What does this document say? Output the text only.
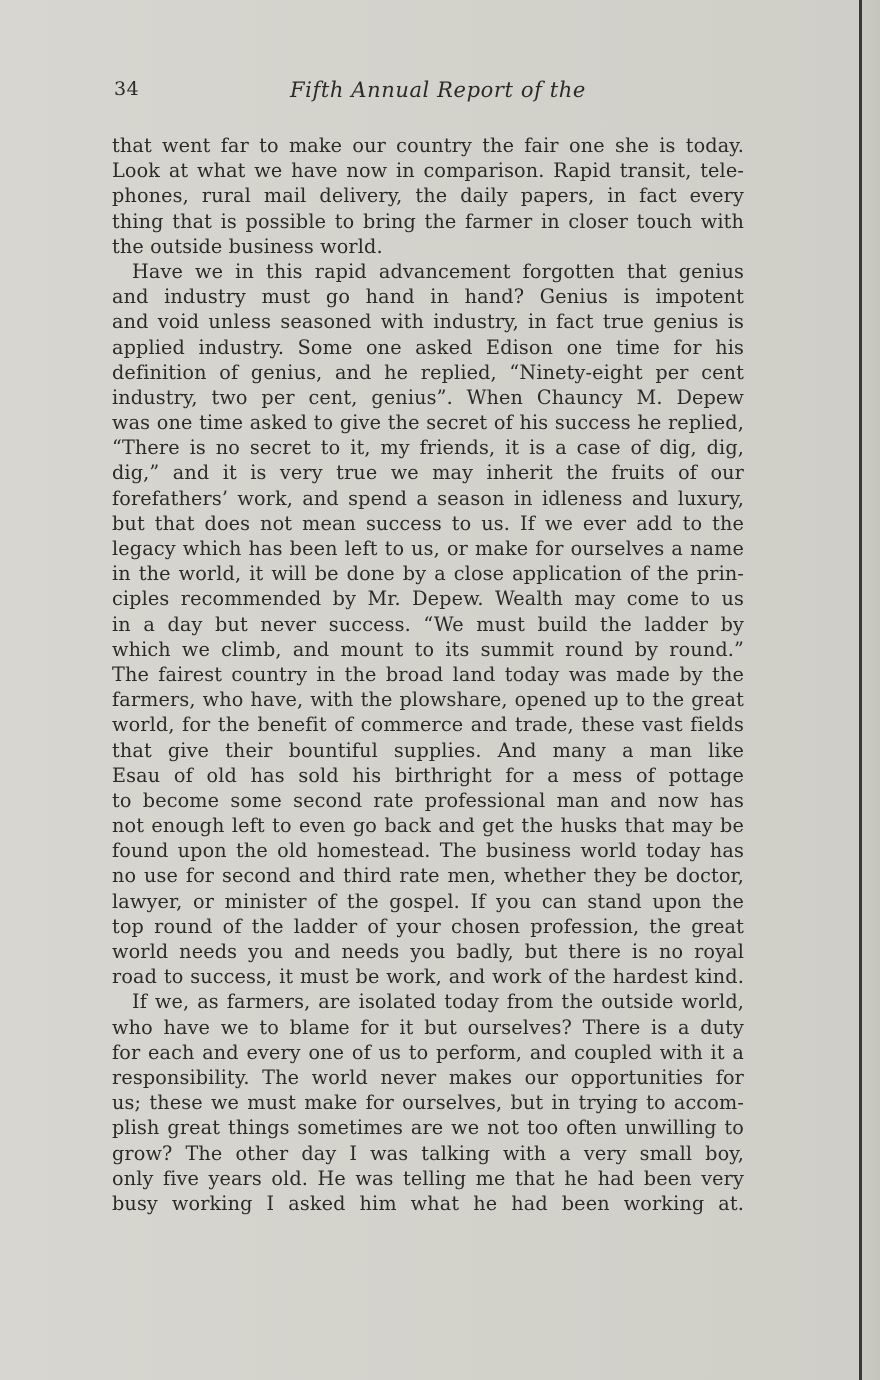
34	Fifth Annual Report of the
that went far to make our country the fair one she is today.
Look at what we have now in comparison. Rapid transit, tele-
phones, rural mail delivery, the daily papers, in fact every
thing that is possible to bring the farmer in closer touch with
the outside business world.
Have we in this rapid advancement forgotten that genius
and industry must go hand in hand? Genius is impotent
and void unless seasoned with industry, in fact true genius is
applied industry. Some one asked Edison one time for his
definition of genius, and he replied, “Ninety-eight per cent
industry, two per cent, genius”. When Chauncy M. Depew
was one time asked to give the secret of his success he replied,
“There is no secret to it, my friends, it is a case of dig, dig,
dig,” and it is very true we may inherit the fruits of our
forefathers’ work, and spend a season in idleness and luxury,
but that does not mean success to us. If we ever add to the
legacy which has been left to us, or make for ourselves a name
in the world, it will be done by a close application of the prin-
ciples recommended by Mr. Depew. Wealth may come to us
in a day but never success. “We must build the ladder by
which we climb, and mount to its summit round by round.”
The fairest country in the broad land today was made by the
farmers, who have, with the plowshare, opened up to the great
world, for the benefit of commerce and trade, these vast fields
that give their bountiful supplies. And many a man like
Esau of old has sold his birthright for a mess of pottage
to become some second rate professional man and now has
not enough left to even go back and get the husks that may be
found upon the old homestead. The business world today has
no use for second and third rate men, whether they be doctor,
lawyer, or minister of the gospel. If you can stand upon the
top round of the ladder of your chosen profession, the great
world needs you and needs you badly, but there is no royal
road to success, it must be work, and work of the hardest kind.
If we, as farmers, are isolated today from the outside world,
who have we to blame for it but ourselves? There is a duty
for each and every one of us to perform, and coupled with it a
responsibility. The world never makes our opportunities for
us; these we must make for ourselves, but in trying to accom-
plish great things sometimes are we not too often unwilling to
grow? The other day I was talking with a very small boy,
only five years old. He was telling me that he had been very
busy working I asked him what he had been working at.
